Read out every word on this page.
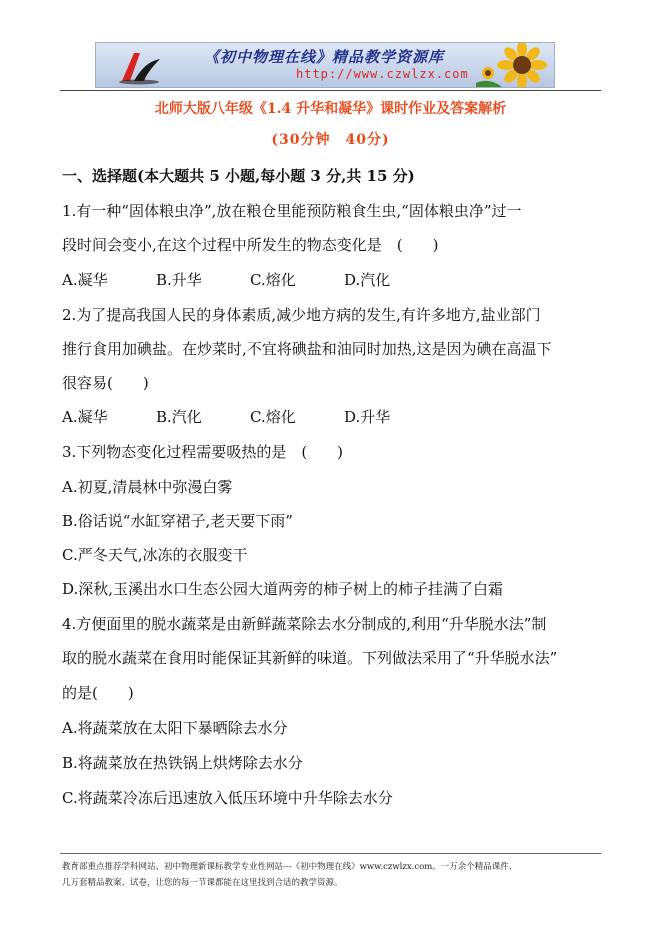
《初中物理在线》精品教学资源库
http://www.czwlzx.com
北师大版八年级《1.4 升华和凝华》课时作业及答案解析
(30分钟　40分)
一、选择题(本大题共 5 小题,每小题 3 分,共 15 分)
1.有一种“固体粮虫净”,放在粮仓里能预防粮食生虫,“固体粮虫净”过一
段时间会变小,在这个过程中所发生的物态变化是　(　　)
A.凝华	B.升华	C.熔化	D.汽化
2.为了提高我国人民的身体素质,减少地方病的发生,有许多地方,盐业部门
推行食用加碘盐。在炒菜时,不宜将碘盐和油同时加热,这是因为碘在高温下
很容易(　　)
A.凝华	B.汽化	C.熔化	D.升华
3.下列物态变化过程需要吸热的是　(　　)
A.初夏,清晨林中弥漫白雾
B.俗话说“水缸穿裙子,老天要下雨”
C.严冬天气,冰冻的衣服变干
D.深秋,玉溪出水口生态公园大道两旁的柿子树上的柿子挂满了白霜
4.方便面里的脱水蔬菜是由新鲜蔬菜除去水分制成的,利用“升华脱水法”制
取的脱水蔬菜在食用时能保证其新鲜的味道。下列做法采用了“升华脱水法”
的是(　　)
A.将蔬菜放在太阳下暴晒除去水分
B.将蔬菜放在热铁锅上烘烤除去水分
C.将蔬菜冷冻后迅速放入低压环境中升华除去水分
教育部重点推荐学科网站、初中物理新课标教学专业性网站---《初中物理在线》www.czwlzx.com。一万余个精品课件、
几万套精品教案、试卷，让您的每一节课都能在这里找到合适的教学资源。
